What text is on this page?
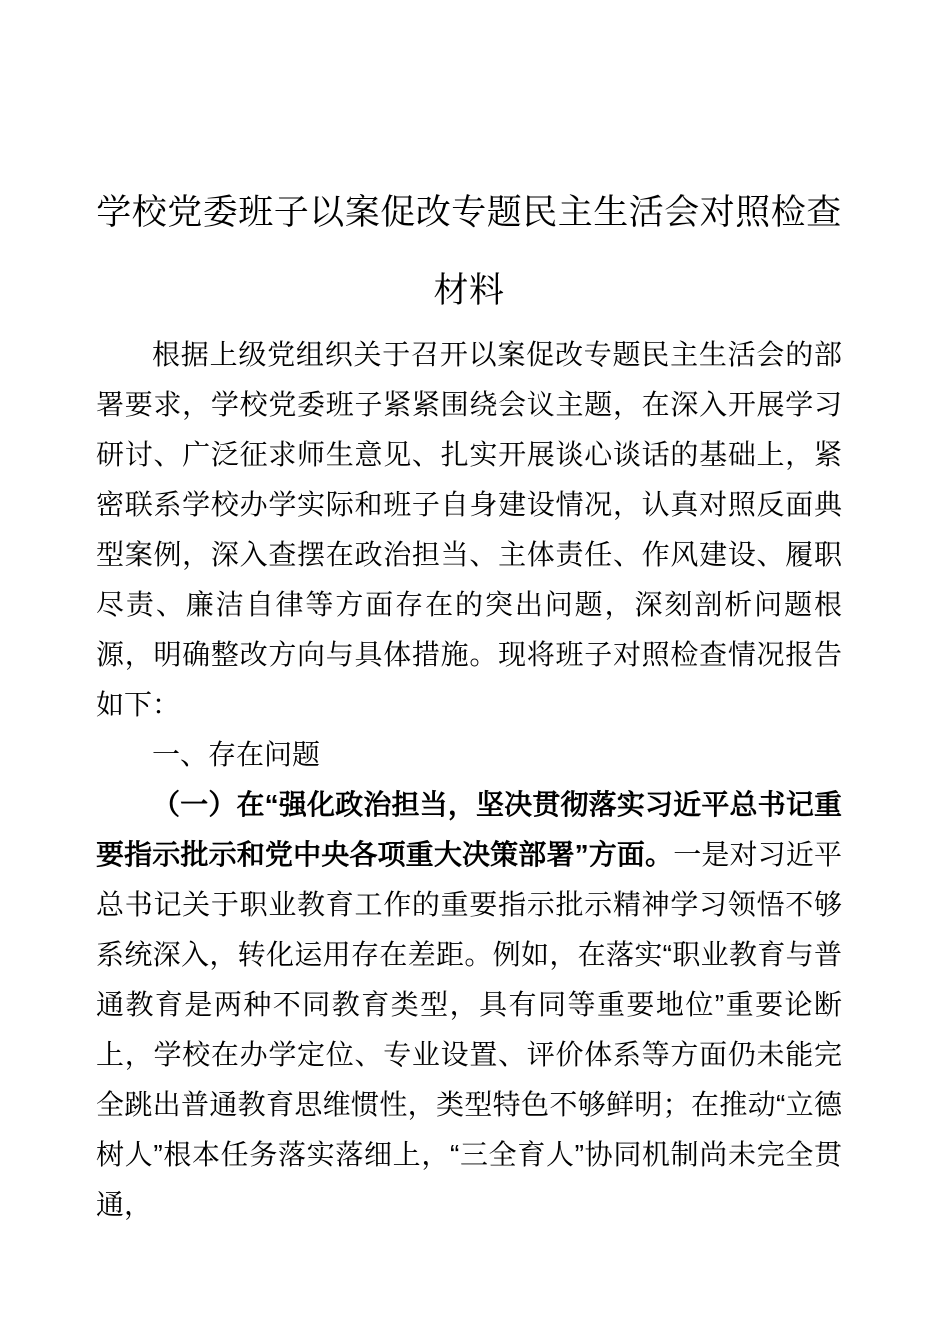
学校党委班子以案促改专题民主生活会对照检查材料

根据上级党组织关于召开以案促改专题民主生活会的部署要求，学校党委班子紧紧围绕会议主题，在深入开展学习研讨、广泛征求师生意见、扎实开展谈心谈话的基础上，紧密联系学校办学实际和班子自身建设情况，认真对照反面典型案例，深入查摆在政治担当、主体责任、作风建设、履职尽责、廉洁自律等方面存在的突出问题，深刻剖析问题根源，明确整改方向与具体措施。现将班子对照检查情况报告如下：

一、存在问题

（一）在“强化政治担当，坚决贯彻落实习近平总书记重要指示批示和党中央各项重大决策部署”方面。一是对习近平总书记关于职业教育工作的重要指示批示精神学习领悟不够系统深入，转化运用存在差距。例如，在落实“职业教育与普通教育是两种不同教育类型，具有同等重要地位”重要论断上，学校在办学定位、专业设置、评价体系等方面仍未能完全跳出普通教育思维惯性，类型特色不够鲜明；在推动“立德树人”根本任务落实落细上，“三全育人”协同机制尚未完全贯通，
